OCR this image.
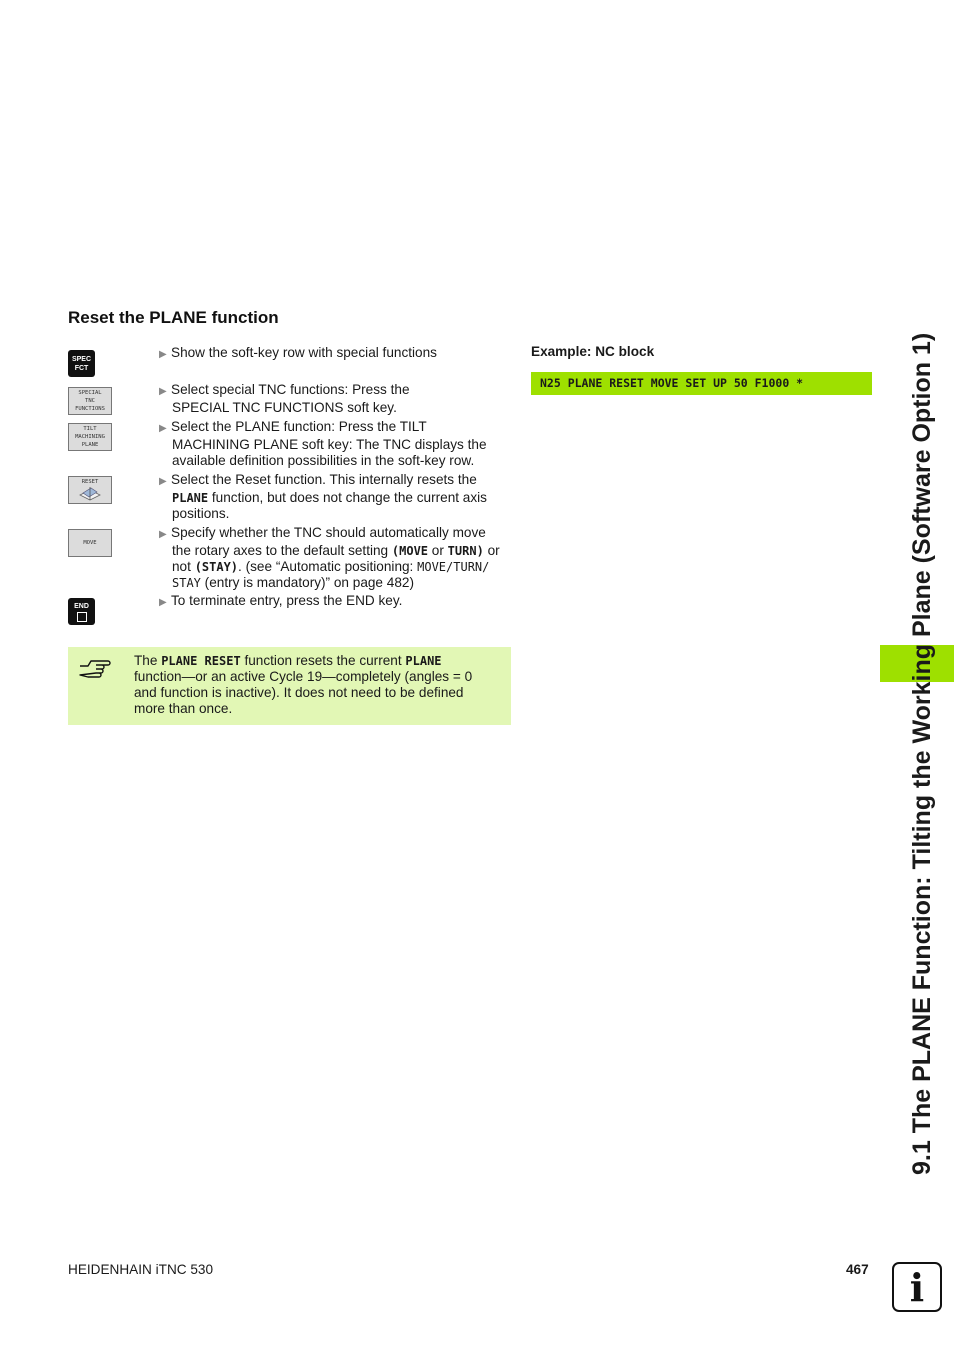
Reset the PLANE function
SPEC
FCT
SPECIAL
TNC
FUNCTIONS
TILT
MACHINING
PLANE
RESET
MOVE
END
▶ Show the soft-key row with special functions
▶ Select special TNC functions: Press the
SPECIAL TNC FUNCTIONS soft key.
▶ Select the PLANE function: Press the TILT
MACHINING PLANE soft key: The TNC displays the
available definition possibilities in the soft-key row.
▶ Select the Reset function. This internally resets the
PLANE function, but does not change the current axis
positions.
▶ Specify whether the TNC should automatically move
the rotary axes to the default setting (MOVE or TURN) or
not (STAY). (see “Automatic positioning: MOVE/TURN/
STAY (entry is mandatory)” on page 482)
▶ To terminate entry, press the END key.
The PLANE RESET function resets the current PLANE
function—or an active Cycle 19—completely (angles = 0
and function is inactive). It does not need to be defined
more than once.
Example: NC block
N25 PLANE RESET MOVE SET UP 50 F1000 *	9.1 The PLANE Function: Tilting the Working Plane (Software Option 1)
HEIDENHAIN iTNC 530	467	i
